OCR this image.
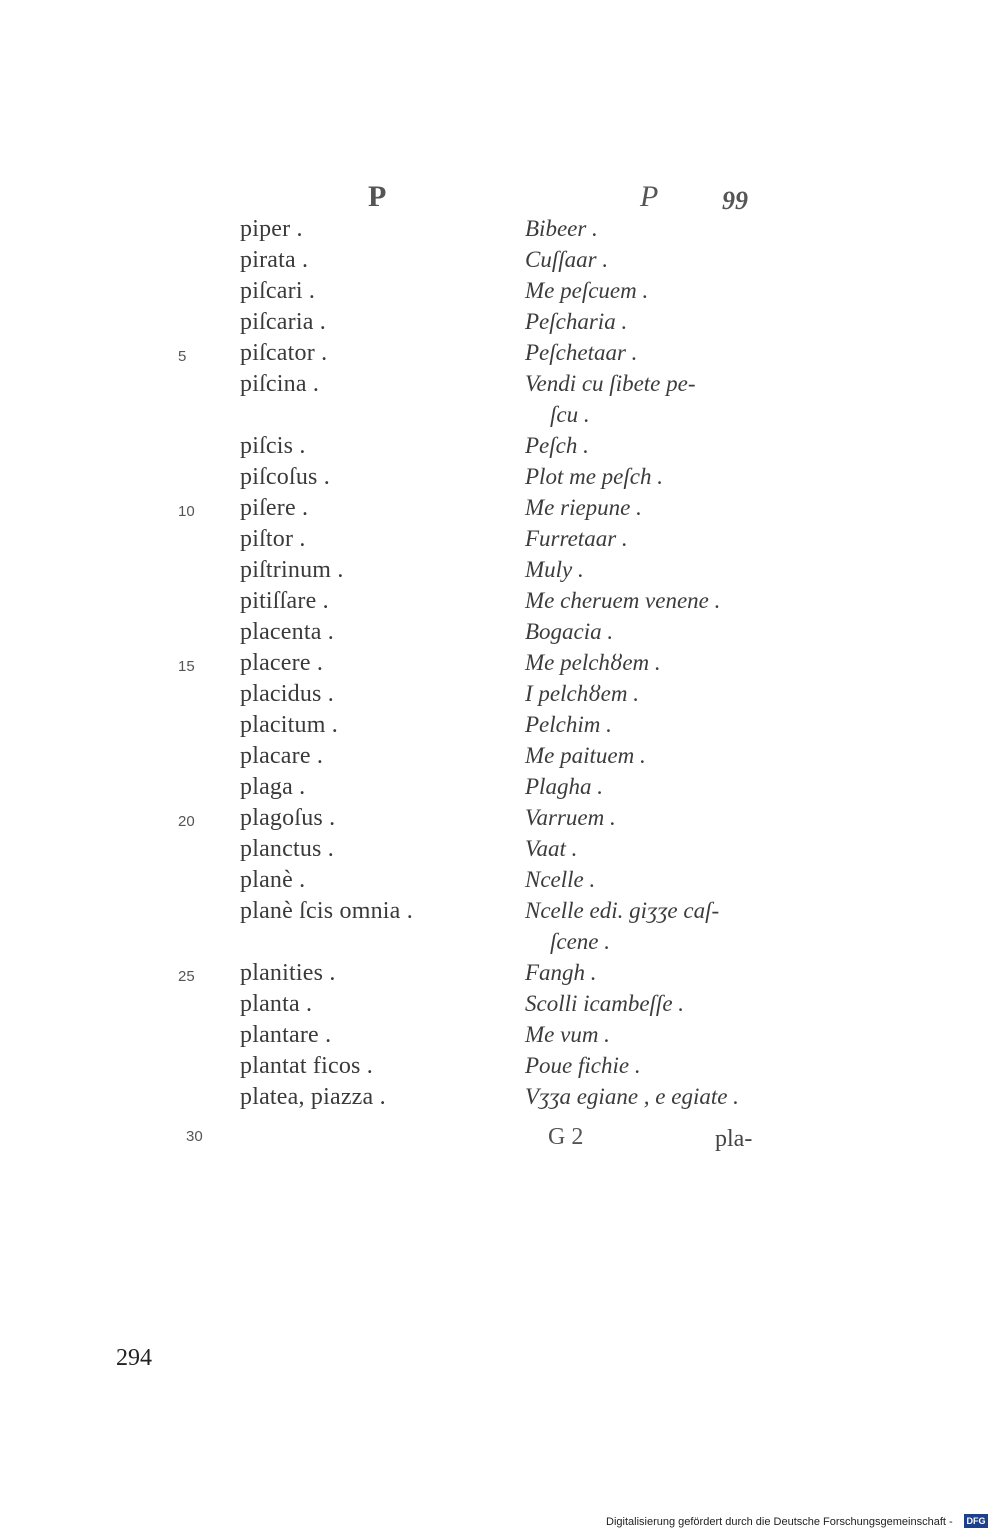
P	P 99
piper .	Bibeer .
pirata .	Cuſſaar .
piſcari .	Me peſcuem .
piſcaria .	Peſcharia .
5	piſcator .	Peſchetaar .
piſcina .	Vendi cu ſibete pe-
ſcu .
piſcis .	Peſch .
piſcoſus .	Plot me peſch .
10	piſere .	Me riepune .
piſtor .	Furretaar .
piſtrinum .	Muly .
pitiſſare .	Me cheruem venene .
placenta .	Bogacia .
15	placere .	Me pelchȣem .
placidus .	I pelchȣem .
placitum .	Pelchim .
placare .	Me paituem .
plaga .	Plagha .
20	plagoſus .	Varruem .
planctus .	Vaat .
planè .	Ncelle .
planè ſcis omnia .	Ncelle edi. giʒʒe caſ-
ſcene .
25	planities .	Fangh .
planta .	Scolli icambeſſe .
plantare .	Me vum .
plantat ficos .	Poue fichie .
platea, piazza .	Vʒʒa egiane , e egiate .
30	G 2	pla-
294
Digitalisierung gefördert durch die Deutsche Forschungsgemeinschaft - DFG
